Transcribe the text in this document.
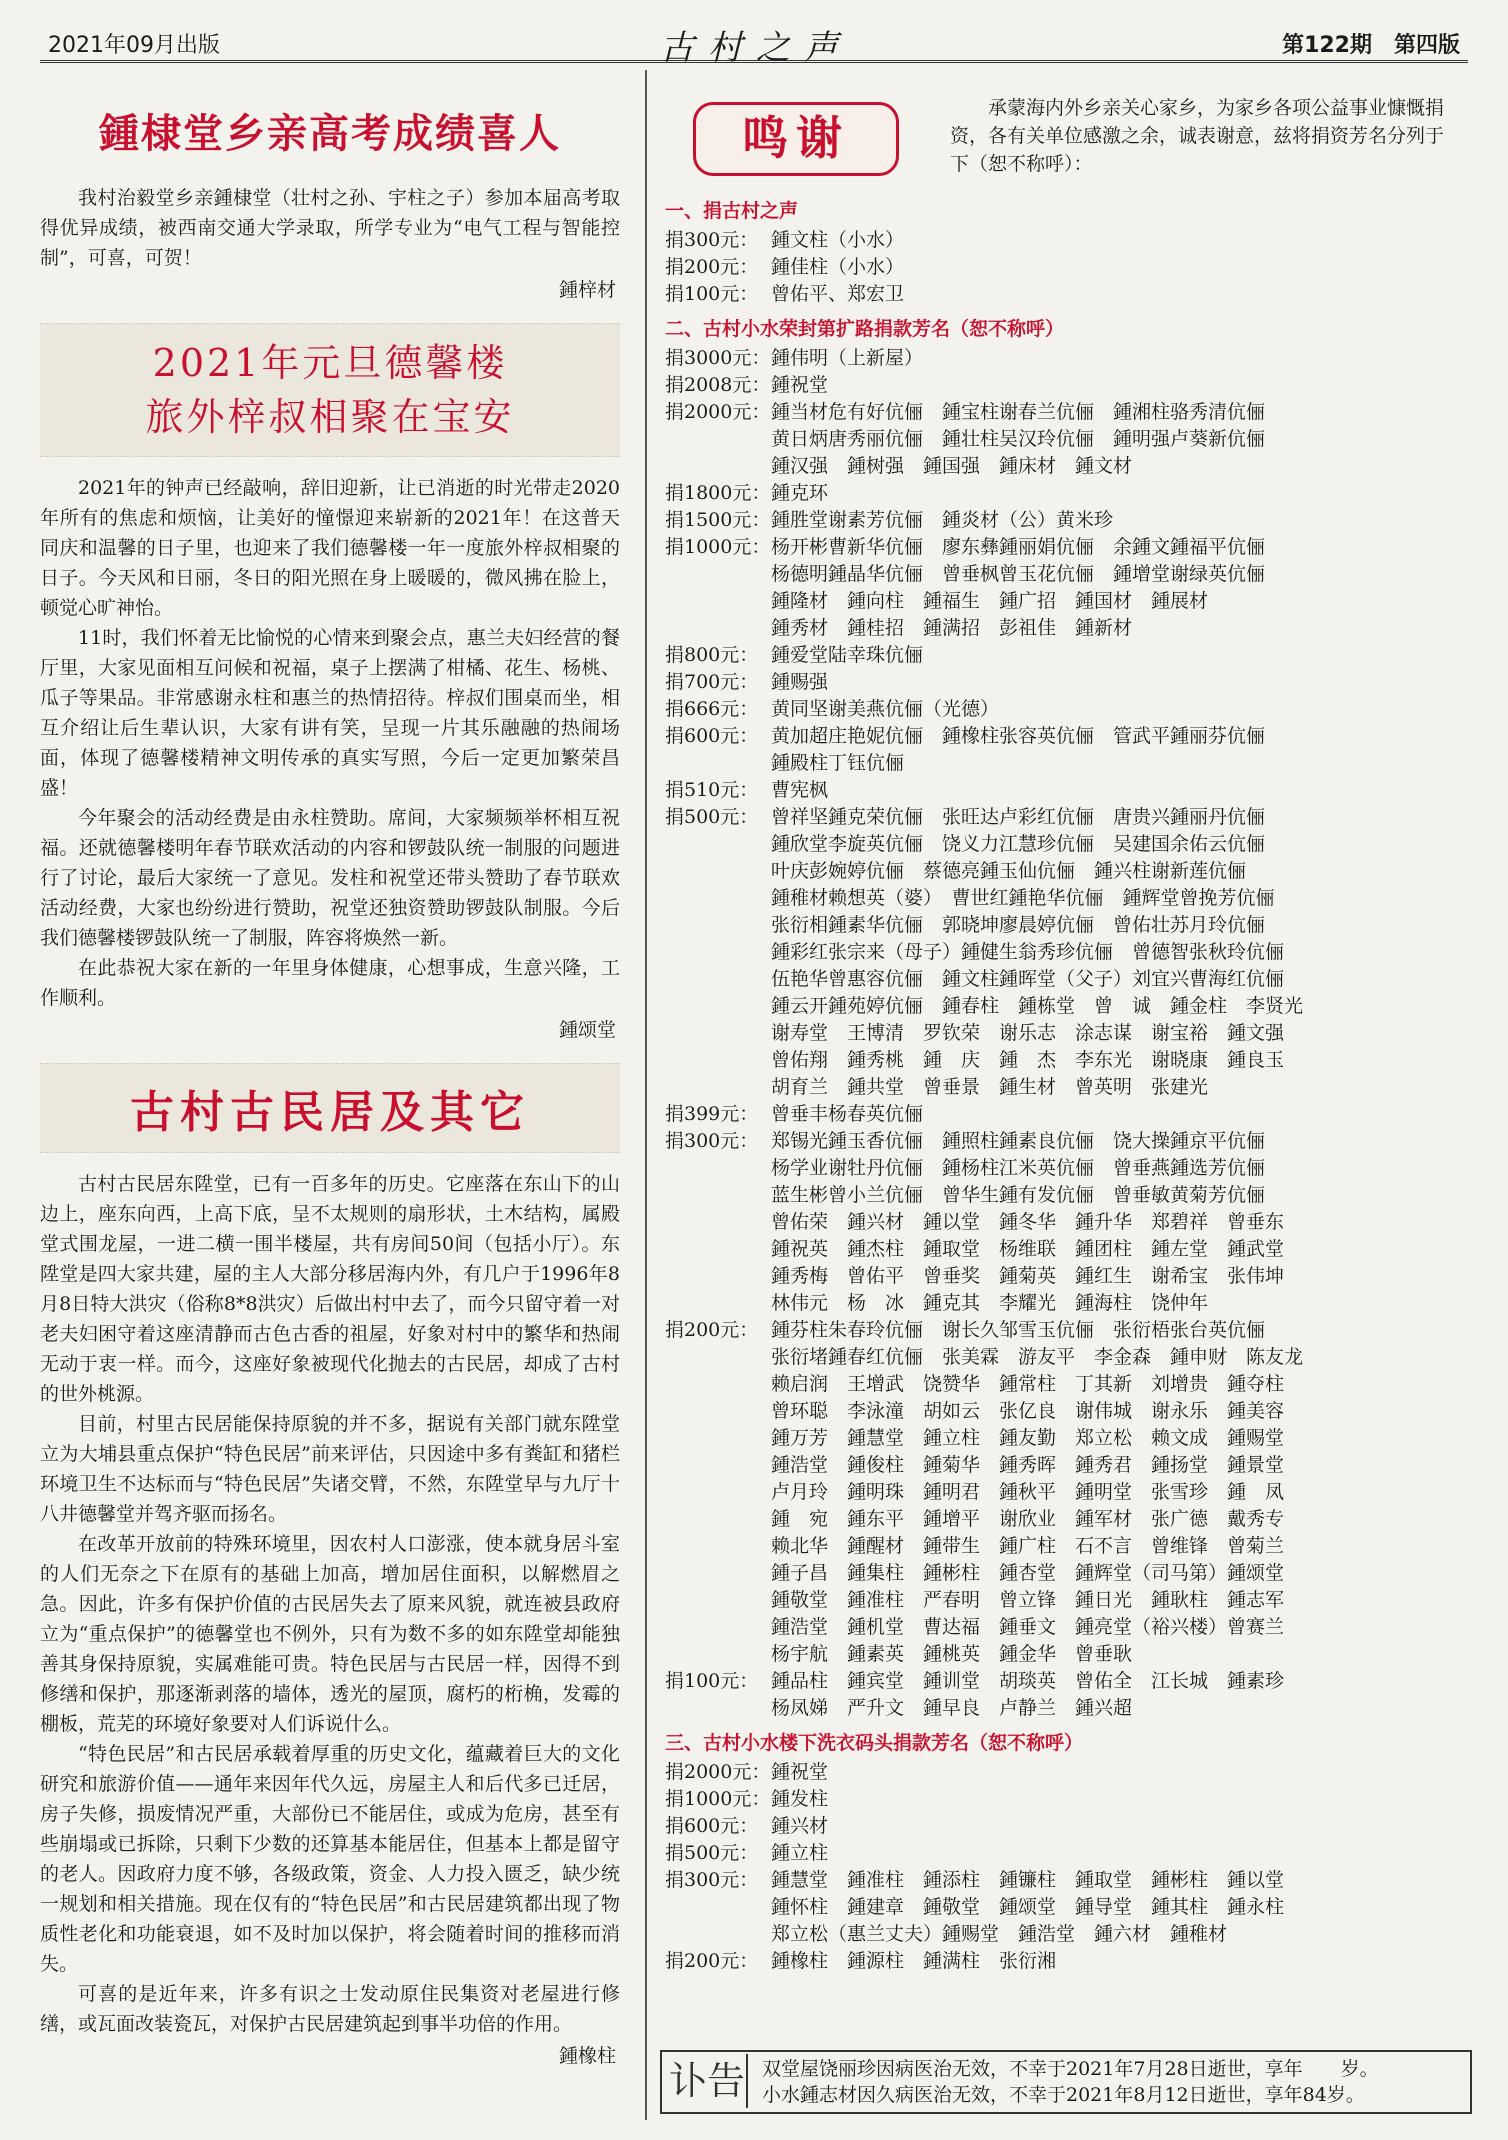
2021年09月出版	古村之声	第122期　第四版
鍾棣堂乡亲高考成绩喜人

我村治毅堂乡亲鍾棣堂（壮村之孙、宇柱之子）参加本届高考取得优异成绩，被西南交通大学录取，所学专业为“电气工程与智能控制”，可喜，可贺！

鍾梓材
2021年元旦德馨楼
旅外梓叔相聚在宝安

2021年的钟声已经敲响，辞旧迎新，让已消逝的时光带走2020年所有的焦虑和烦恼，让美好的憧憬迎来崭新的2021年！在这普天同庆和温馨的日子里，也迎来了我们德馨楼一年一度旅外梓叔相聚的日子。今天风和日丽，冬日的阳光照在身上暖暖的，微风拂在脸上，顿觉心旷神怡。

11时，我们怀着无比愉悦的心情来到聚会点，惠兰夫妇经营的餐厅里，大家见面相互问候和祝福，桌子上摆满了柑橘、花生、杨桃、瓜子等果品。非常感谢永柱和惠兰的热情招待。梓叔们围桌而坐，相互介绍让后生辈认识，大家有讲有笑，呈现一片其乐融融的热闹场面，体现了德馨楼精神文明传承的真实写照，今后一定更加繁荣昌盛！

今年聚会的活动经费是由永柱赞助。席间，大家频频举杯相互祝福。还就德馨楼明年春节联欢活动的内容和锣鼓队统一制服的问题进行了讨论，最后大家统一了意见。发柱和祝堂还带头赞助了春节联欢活动经费，大家也纷纷进行赞助，祝堂还独资赞助锣鼓队制服。今后我们德馨楼锣鼓队统一了制服，阵容将焕然一新。

在此恭祝大家在新的一年里身体健康，心想事成，生意兴隆，工作顺利。

鍾颂堂
古村古民居及其它

古村古民居东陞堂，已有一百多年的历史。它座落在东山下的山边上，座东向西，上高下底，呈不太规则的扇形状，土木结构，属殿堂式围龙屋，一进二横一围半楼屋，共有房间50间（包括小厅）。东陞堂是四大家共建，屋的主人大部分移居海内外，有几户于1996年8月8日特大洪灾（俗称8*8洪灾）后做出村中去了，而今只留守着一对老夫妇困守着这座清静而古色古香的祖屋，好象对村中的繁华和热闹无动于衷一样。而今，这座好象被现代化抛去的古民居，却成了古村的世外桃源。

目前，村里古民居能保持原貌的并不多，据说有关部门就东陞堂立为大埔县重点保护“特色民居”前来评估，只因途中多有粪缸和猪栏环境卫生不达标而与“特色民居”失诸交臂，不然，东陞堂早与九厅十八井德馨堂并驾齐驱而扬名。

在改革开放前的特殊环境里，因农村人口澎涨，使本就身居斗室的人们无奈之下在原有的基础上加高，增加居住面积，以解燃眉之急。因此，许多有保护价值的古民居失去了原来风貌，就连被县政府立为“重点保护”的德馨堂也不例外，只有为数不多的如东陞堂却能独善其身保持原貌，实属难能可贵。特色民居与古民居一样，因得不到修缮和保护，那逐渐剥落的墙体，透光的屋顶，腐朽的桁桷，发霉的棚板，荒芜的环境好象要对人们诉说什么。

“特色民居”和古民居承载着厚重的历史文化，蕴藏着巨大的文化研究和旅游价值——通年来因年代久远，房屋主人和后代多已迁居，房子失修，损废情况严重，大部份已不能居住，或成为危房，甚至有些崩塌或已拆除，只剩下少数的还算基本能居住，但基本上都是留守的老人。因政府力度不够，各级政策，资金、人力投入匮乏，缺少统一规划和相关措施。现在仅有的“特色民居”和古民居建筑都出现了物质性老化和功能衰退，如不及时加以保护，将会随着时间的推移而消失。

可喜的是近年来，许多有识之士发动原住民集资对老屋进行修缮，或瓦面改装瓷瓦，对保护古民居建筑起到事半功倍的作用。

鍾橡柱
鸣谢
承蒙海内外乡亲关心家乡，为家乡各项公益事业慷慨捐资，各有关单位感激之余，诚表谢意，兹将捐资芳名分列于下（恕不称呼）：
一、捐古村之声
捐300元： 鍾文柱（小水）
捐200元： 鍾佳柱（小水）
捐100元： 曾佑平、郑宏卫
二、古村小水荣封第扩路捐款芳名（恕不称呼）
捐3000元： 鍾伟明（上新屋）
捐2008元： 鍾祝堂
捐2000元： 鍾当材危有好伉俪　鍾宝柱谢春兰伉俪　鍾湘柱骆秀清伉俪
黄日炳唐秀丽伉俪　鍾壮柱吴汉玲伉俪　鍾明强卢葵新伉俪
鍾汉强　鍾树强　鍾国强　鍾床材　鍾文材
捐1800元： 鍾克环
捐1500元： 鍾胜堂谢素芳伉俪　鍾炎材（公）黄米珍
捐1000元： 杨开彬曹新华伉俪　廖东彝鍾丽娟伉俪　余鍾文鍾福平伉俪
杨德明鍾晶华伉俪　曾垂枫曾玉花伉俪　鍾增堂谢绿英伉俪
鍾隆材　鍾向柱　鍾福生　鍾广招　鍾国材　鍾展材
鍾秀材　鍾桂招　鍾满招　彭祖佳　鍾新材
捐800元： 鍾爱堂陆幸珠伉俪
捐700元： 鍾赐强
捐666元： 黄同坚谢美燕伉俪（光德）
捐600元： 黄加超庄艳妮伉俪　鍾橡柱张容英伉俪　管武平鍾丽芬伉俪
鍾殿柱丁钰伉俪
捐510元： 曹宪枫
捐500元： 曾祥坚鍾克荣伉俪　张旺达卢彩红伉俪　唐贵兴鍾丽丹伉俪
鍾欣堂李旋英伉俪　饶义力江慧珍伉俪　吴建国余佑云伉俪
叶庆彭婉婷伉俪　蔡德亮鍾玉仙伉俪　鍾兴柱谢新莲伉俪
鍾稚材赖想英（婆）　曹世红鍾艳华伉俪　鍾辉堂曾挽芳伉俪
张衍相鍾素华伉俪　郭晓坤廖晨婷伉俪　曾佑壮苏月玲伉俪
鍾彩红张宗来（母子）鍾健生翁秀珍伉俪　曾德智张秋玲伉俪
伍艳华曾惠容伉俪　鍾文柱鍾晖堂（父子）刘宜兴曹海红伉俪
鍾云开鍾苑婷伉俪　鍾春柱　鍾栋堂　曾　诚　鍾金柱　李贤光
谢寿堂　王博清　罗钦荣　谢乐志　涂志谋　谢宝裕　鍾文强
曾佑翔　鍾秀桃　鍾　庆　鍾　杰　李东光　谢晓康　鍾良玉
胡育兰　鍾共堂　曾垂景　鍾生材　曾英明　张建光
捐399元： 曾垂丰杨春英伉俪
捐300元： 郑锡光鍾玉香伉俪　鍾照柱鍾素良伉俪　饶大操鍾京平伉俪
杨学业谢牡丹伉俪　鍾杨柱江米英伉俪　曾垂燕鍾选芳伉俪
蓝生彬曾小兰伉俪　曾华生鍾有发伉俪　曾垂敏黄菊芳伉俪
曾佑荣　鍾兴材　鍾以堂　鍾冬华　鍾升华　郑碧祥　曾垂东
鍾祝英　鍾杰柱　鍾取堂　杨维联　鍾团柱　鍾左堂　鍾武堂
鍾秀梅　曾佑平　曾垂奖　鍾菊英　鍾红生　谢希宝　张伟坤
林伟元　杨　冰　鍾克其　李耀光　鍾海柱　饶仲年
捐200元： 鍾芬柱朱春玲伉俪　谢长久邹雪玉伉俪　张衍梧张台英伉俪
张衍堵鍾春红伉俪　张美霖　游友平　李金森　鍾申财　陈友龙
赖启润　王增武　饶赞华　鍾常柱　丁其新　刘增贵　鍾夺柱
曾环聪　李泳潼　胡如云　张亿良　谢伟城　谢永乐　鍾美容
鍾万芳　鍾慧堂　鍾立柱　鍾友勤　郑立松　赖文成　鍾赐堂
鍾浩堂　鍾俊柱　鍾菊华　鍾秀晖　鍾秀君　鍾扬堂　鍾景堂
卢月玲　鍾明珠　鍾明君　鍾秋平　鍾明堂　张雪珍　鍾　凤
鍾　宛　鍾东平　鍾增平　谢欣业　鍾军材　张广德　戴秀专
赖北华　鍾醒材　鍾带生　鍾广柱　石不言　曾维锋　曾菊兰
鍾子昌　鍾集柱　鍾彬柱　鍾杏堂　鍾辉堂（司马第）鍾颂堂
鍾敬堂　鍾准柱　严春明　曾立锋　鍾日光　鍾耿柱　鍾志军
鍾浩堂　鍾机堂　曹达福　鍾垂文　鍾亮堂（裕兴楼）曾赛兰
杨宇航　鍾素英　鍾桃英　鍾金华　曾垂耿
捐100元： 鍾品柱　鍾宾堂　鍾训堂　胡琰英　曾佑全　江长城　鍾素珍
杨凤娣　严升文　鍾早良　卢静兰　鍾兴超
三、古村小水楼下洗衣码头捐款芳名（恕不称呼）
捐2000元： 鍾祝堂
捐1000元： 鍾发柱
捐600元： 鍾兴材
捐500元： 鍾立柱
捐300元： 鍾慧堂　鍾准柱　鍾添柱　鍾镰柱　鍾取堂　鍾彬柱　鍾以堂
鍾怀柱　鍾建章　鍾敬堂　鍾颂堂　鍾导堂　鍾其柱　鍾永柱
郑立松（惠兰丈夫）鍾赐堂　鍾浩堂　鍾六材　鍾稚材
捐200元： 鍾橡柱　鍾源柱　鍾满柱　张衍湘
讣告 双堂屋饶丽珍因病医治无效，不幸于2021年7月28日逝世，享年　　岁。
小水鍾志材因久病医治无效，不幸于2021年8月12日逝世，享年84岁。
